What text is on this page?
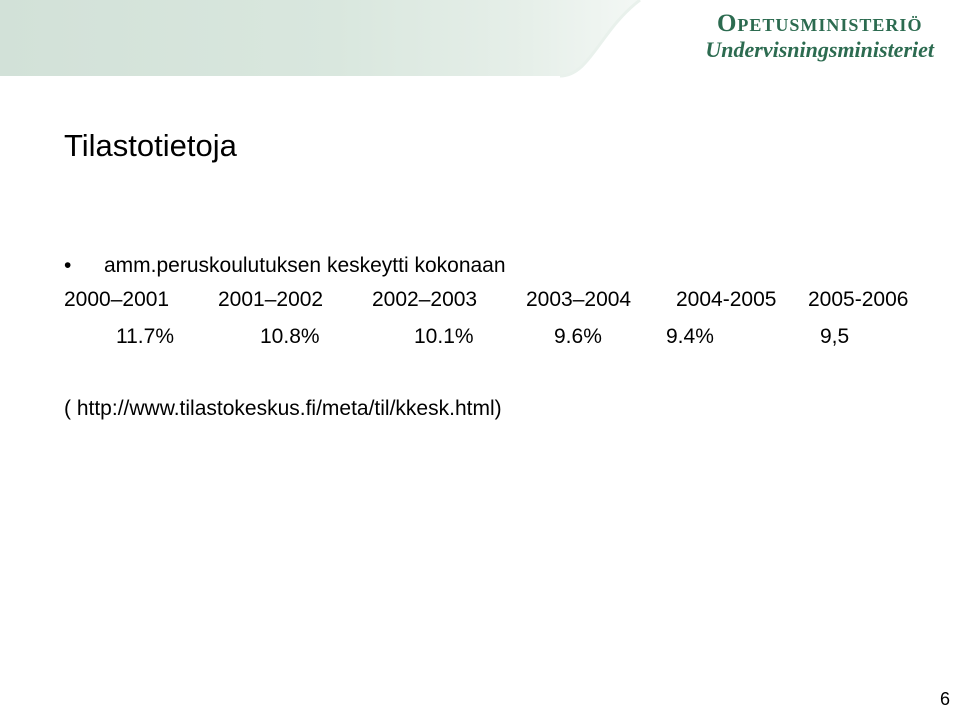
Opetusministeriö
Undervisningsministeriet
Tilastotietoja
• amm.peruskoulutuksen keskeytti kokonaan
2000–2001 2001–2002 2002–2003 2003–2004 2004-2005 2005-2006
11.7%	10.8%	10.1%	9.6%	9.4%	9,5
( http://www.tilastokeskus.fi/meta/til/kkesk.html)
6
